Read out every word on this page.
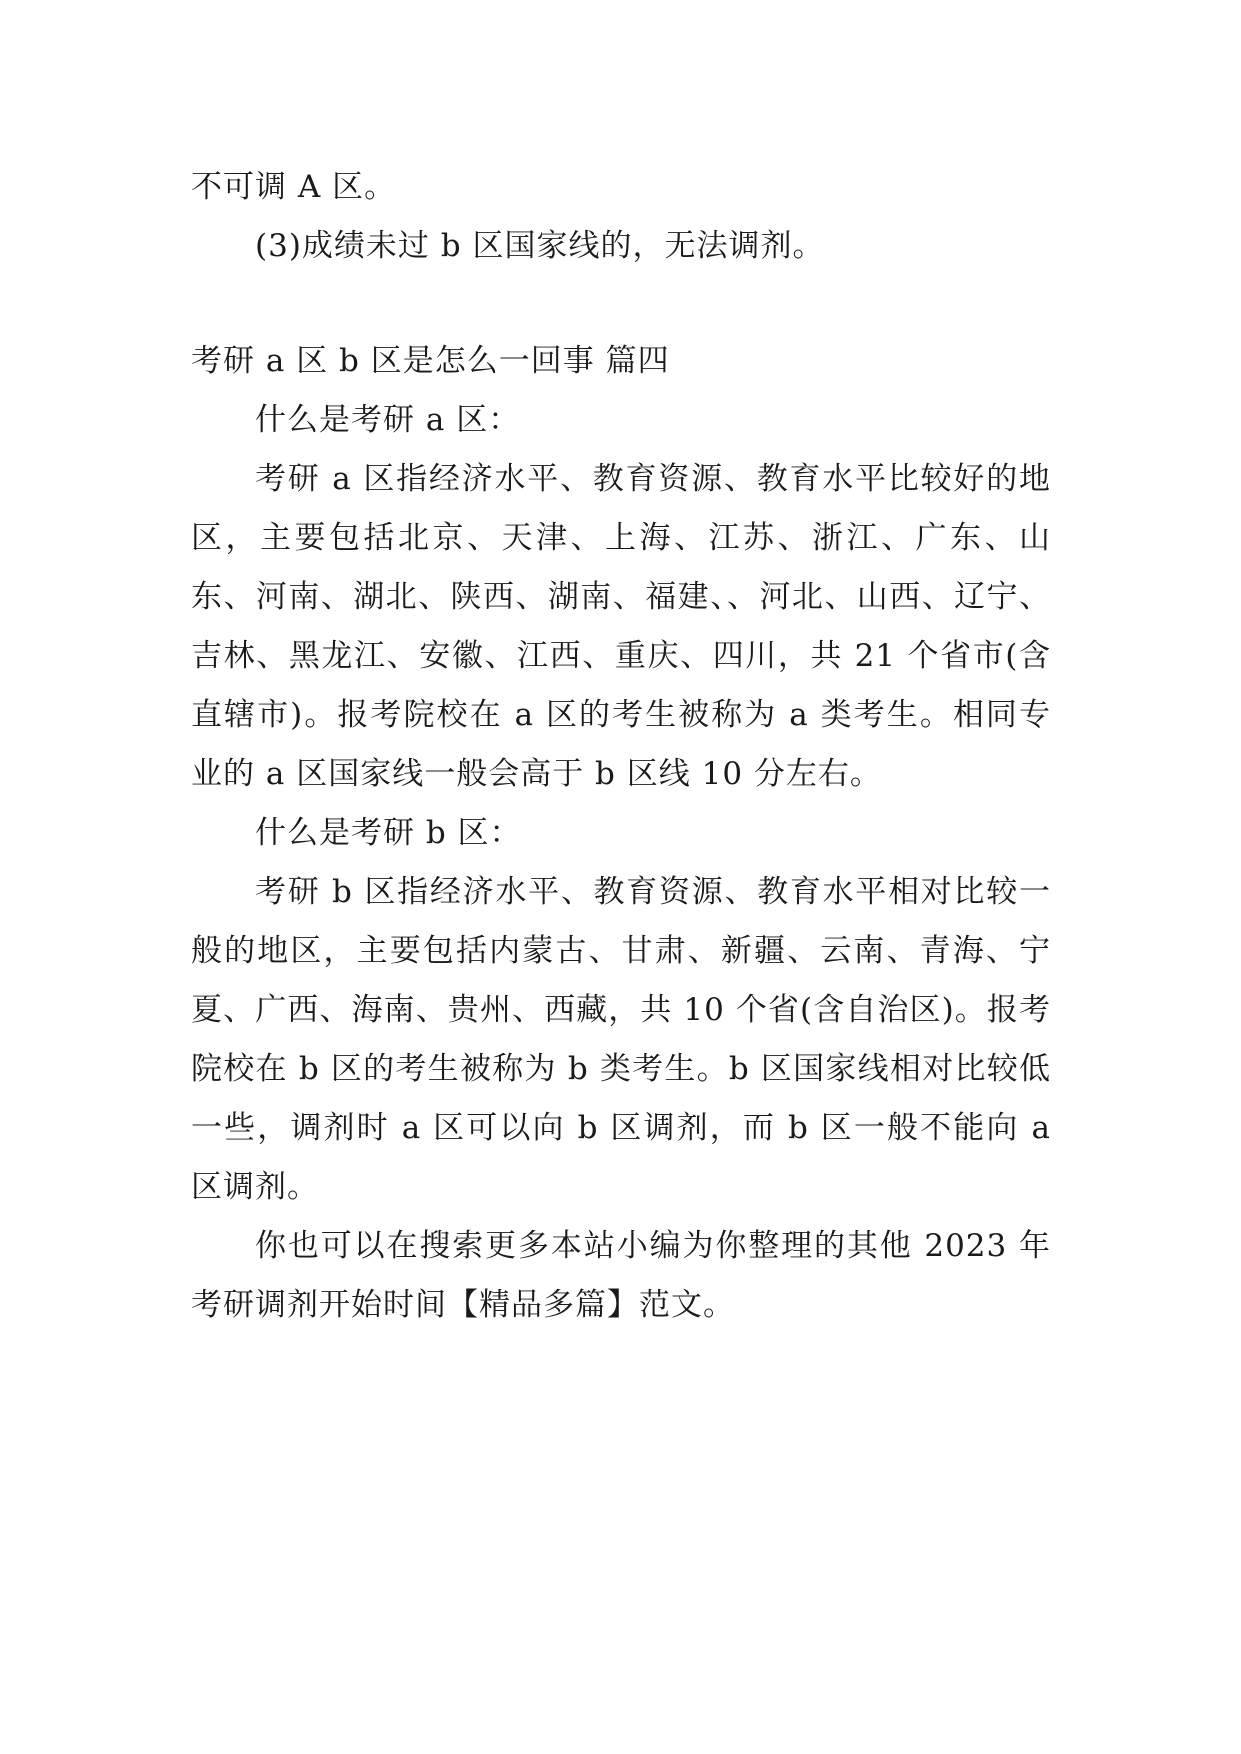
不可调 A 区。

(3)成绩未过 b 区国家线的，无法调剂。

考研 a 区 b 区是怎么一回事 篇四

什么是考研 a 区：

考研 a 区指经济水平、教育资源、教育水平比较好的地区，主要包括北京、天津、上海、江苏、浙江、广东、山东、河南、湖北、陕西、湖南、福建、、河北、山西、辽宁、吉林、黑龙江、安徽、江西、重庆、四川，共 21 个省市(含直辖市)。报考院校在 a 区的考生被称为 a 类考生。相同专业的 a 区国家线一般会高于 b 区线 10 分左右。

什么是考研 b 区：

考研 b 区指经济水平、教育资源、教育水平相对比较一般的地区，主要包括内蒙古、甘肃、新疆、云南、青海、宁夏、广西、海南、贵州、西藏，共 10 个省(含自治区)。报考院校在 b 区的考生被称为 b 类考生。b 区国家线相对比较低一些，调剂时 a 区可以向 b 区调剂，而 b 区一般不能向 a 区调剂。

你也可以在搜索更多本站小编为你整理的其他 2023 年考研调剂开始时间【精品多篇】范文。
